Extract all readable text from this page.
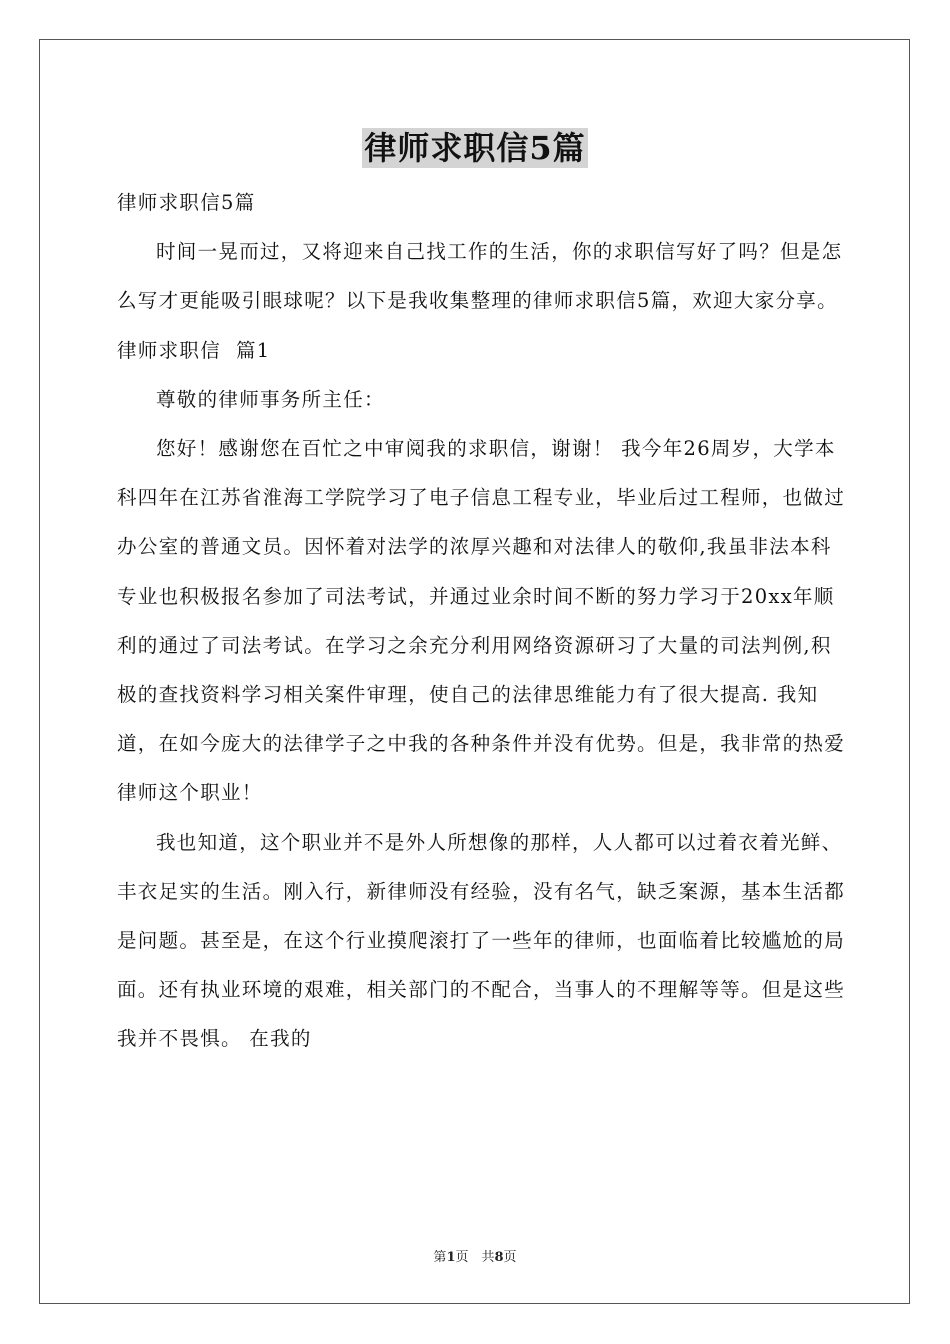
律师求职信5篇

律师求职信5篇

时间一晃而过，又将迎来自己找工作的生活，你的求职信写好了吗？但是怎么写才更能吸引眼球呢？以下是我收集整理的律师求职信5篇，欢迎大家分享。

律师求职信  篇1

尊敬的律师事务所主任：

您好！感谢您在百忙之中审阅我的求职信，谢谢！ 我今年26周岁，大学本科四年在江苏省淮海工学院学习了电子信息工程专业，毕业后过工程师，也做过办公室的普通文员。因怀着对法学的浓厚兴趣和对法律人的敬仰,我虽非法本科专业也积极报名参加了司法考试，并通过业余时间不断的努力学习于20xx年顺利的通过了司法考试。在学习之余充分利用网络资源研习了大量的司法判例,积极的查找资料学习相关案件审理，使自己的法律思维能力有了很大提高. 我知道，在如今庞大的法律学子之中我的各种条件并没有优势。但是，我非常的热爱律师这个职业！

我也知道，这个职业并不是外人所想像的那样，人人都可以过着衣着光鲜、丰衣足实的生活。刚入行，新律师没有经验，没有名气，缺乏案源，基本生活都是问题。甚至是，在这个行业摸爬滚打了一些年的律师，也面临着比较尴尬的局面。还有执业环境的艰难，相关部门的不配合，当事人的不理解等等。但是这些我并不畏惧。 在我的

第1页　共8页
